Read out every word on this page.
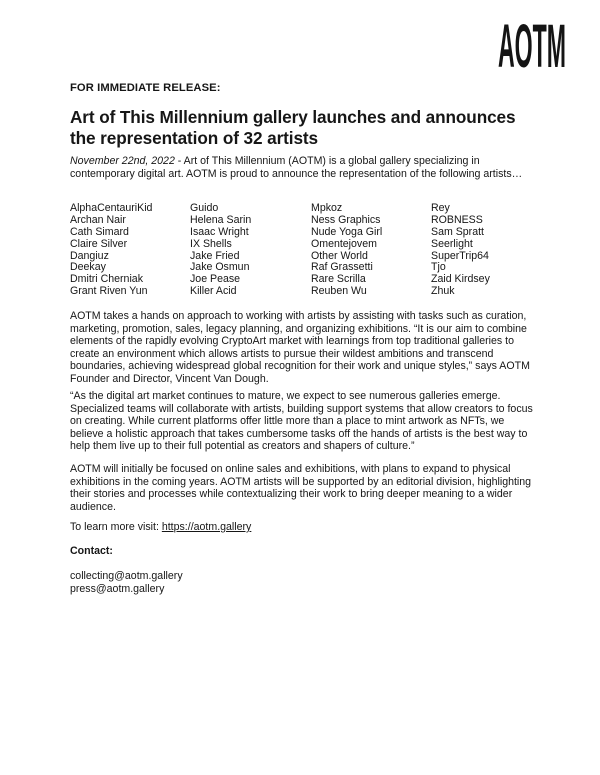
AOTM
FOR IMMEDIATE RELEASE:
Art of This Millennium gallery launches and announces
the representation of 32 artists

November 22nd, 2022 - Art of This Millennium (AOTM) is a global gallery specializing in contemporary digital art. AOTM is proud to announce the representation of the following artists…

AlphaCentauriKid
Archan Nair
Cath Simard
Claire Silver
Dangiuz
Deekay
Dmitri Cherniak
Grant Riven Yun
Guido
Helena Sarin
Isaac Wright
IX Shells
Jake Fried
Jake Osmun
Joe Pease
Killer Acid
Mpkoz
Ness Graphics
Nude Yoga Girl
Omentejovem
Other World
Raf Grassetti
Rare Scrilla
Reuben Wu
Rey
ROBNESS
Sam Spratt
Seerlight
SuperTrip64
Tjo
Zaid Kirdsey
Zhuk

AOTM takes a hands on approach to working with artists by assisting with tasks such as curation, marketing, promotion, sales, legacy planning, and organizing exhibitions. “It is our aim to combine elements of the rapidly evolving CryptoArt market with learnings from top traditional galleries to create an environment which allows artists to pursue their wildest ambitions and transcend boundaries, achieving widespread global recognition for their work and unique styles,” says AOTM Founder and Director, Vincent Van Dough.

“As the digital art market continues to mature, we expect to see numerous galleries emerge. Specialized teams will collaborate with artists, building support systems that allow creators to focus on creating. While current platforms offer little more than a place to mint artwork as NFTs, we believe a holistic approach that takes cumbersome tasks off the hands of artists is the best way to help them live up to their full potential as creators and shapers of culture.”

AOTM will initially be focused on online sales and exhibitions, with plans to expand to physical exhibitions in the coming years. AOTM artists will be supported by an editorial division, highlighting their stories and processes while contextualizing their work to bring deeper meaning to a wider audience.

To learn more visit: https://aotm.gallery

Contact:
collecting@aotm.gallery
press@aotm.gallery
